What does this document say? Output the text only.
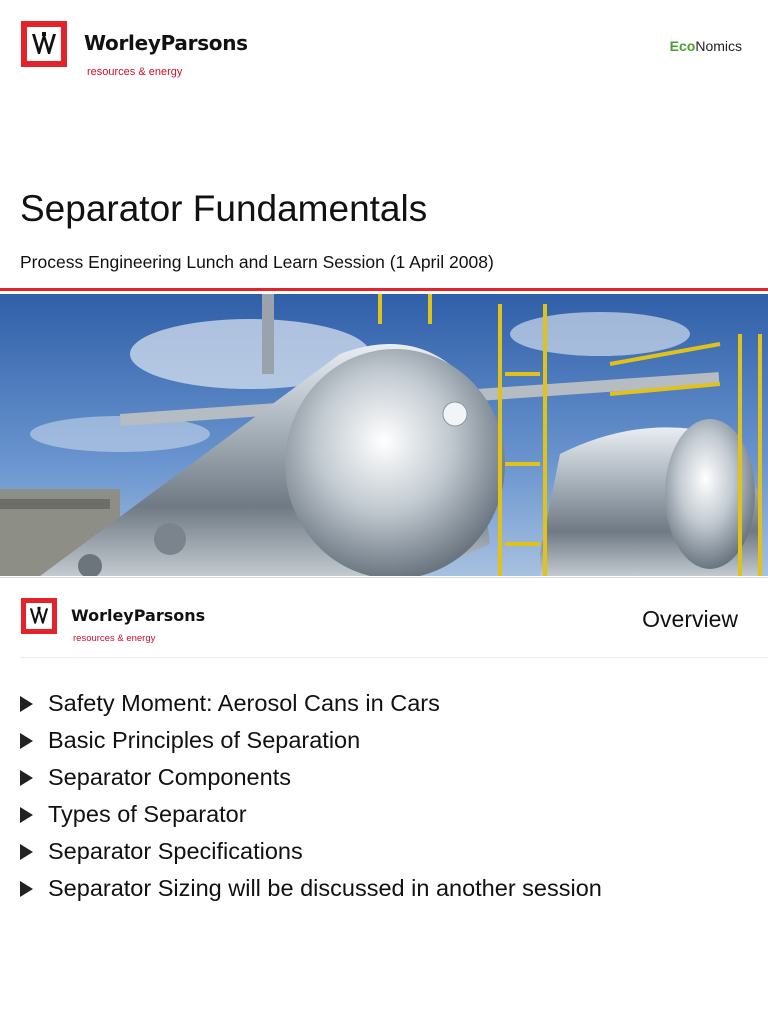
WorleyParsons
resources & energy
EcoNomics
Separator Fundamentals
Process Engineering Lunch and Learn Session (1 April 2008)
WorleyParsons
resources & energy
Overview
Safety Moment: Aerosol Cans in Cars
Basic Principles of Separation
Separator Components
Types of Separator
Separator Specifications
Separator Sizing will be discussed in another session
